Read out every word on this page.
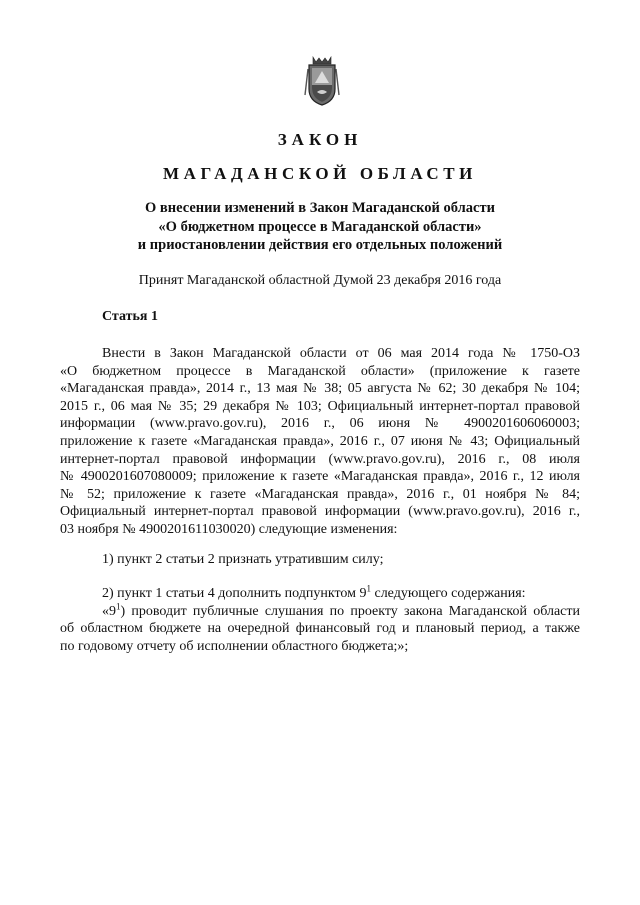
ЗАКОН
МАГАДАНСКОЙ ОБЛАСТИ
О внесении изменений в Закон Магаданской области
«О бюджетном процессе в Магаданской области»
и приостановлении действия его отдельных положений
Принят Магаданской областной Думой 23 декабря 2016 года
Статья 1
Внести в Закон Магаданской области от 06 мая 2014 года № 1750-ОЗ
«О бюджетном процессе в Магаданской области» (приложение к газете
«Магаданская правда», 2014 г., 13 мая № 38; 05 августа № 62; 30 декабря № 104;
2015 г., 06 мая № 35; 29 декабря № 103; Официальный интернет-портал правовой
информации (www.pravo.gov.ru), 2016 г., 06 июня № 4900201606060003;
приложение к газете «Магаданская правда», 2016 г., 07 июня № 43; Официальный
интернет-портал правовой информации (www.pravo.gov.ru), 2016 г., 08 июля
№ 4900201607080009; приложение к газете «Магаданская правда», 2016 г., 12 июля
№ 52; приложение к газете «Магаданская правда», 2016 г., 01 ноября № 84;
Официальный интернет-портал правовой информации (www.pravo.gov.ru), 2016 г.,
03 ноября № 4900201611030020) следующие изменения:
1) пункт 2 статьи 2 признать утратившим силу;
2) пункт 1 статьи 4 дополнить подпунктом $9^1$ следующего содержания:
«$9^1$) проводит публичные слушания по проекту закона Магаданской области
об областном бюджете на очередной финансовый год и плановый период, а также
по годовому отчету об исполнении областного бюджета;»;
